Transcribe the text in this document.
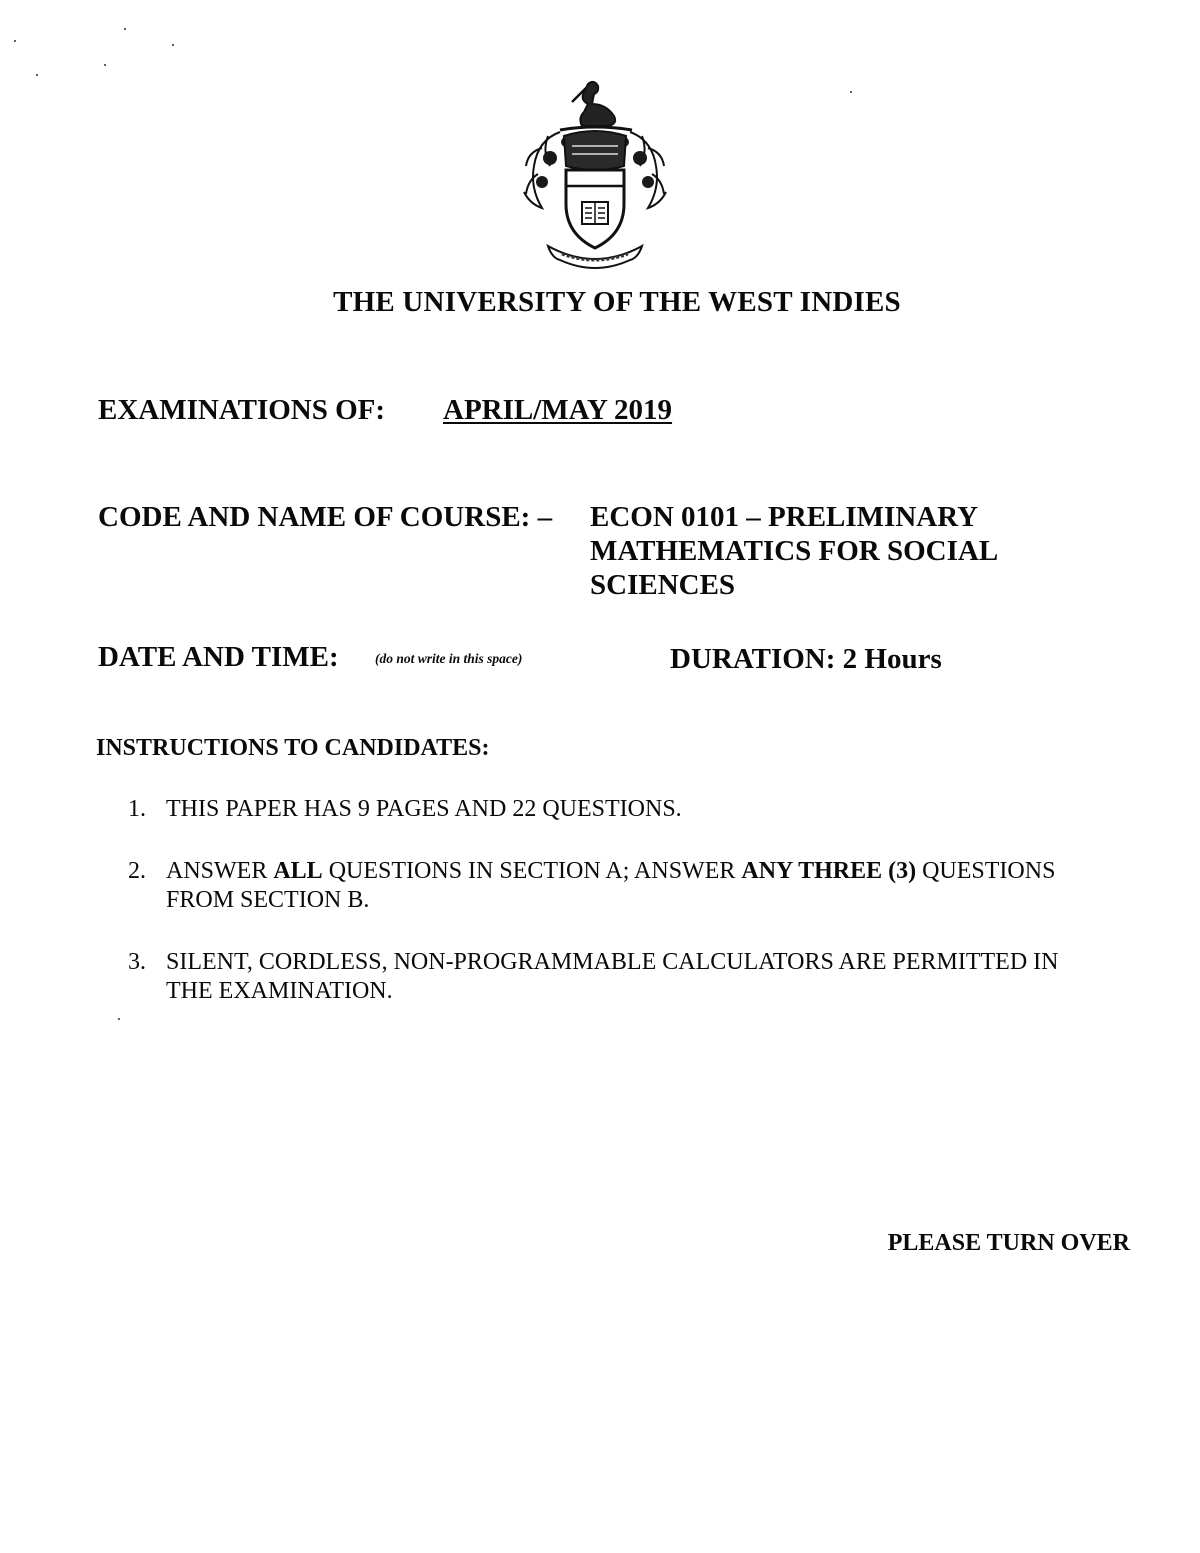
THE UNIVERSITY OF THE WEST INDIES
EXAMINATIONS OF: APRIL/MAY 2019
CODE AND NAME OF COURSE: – ECON 0101 – PRELIMINARY MATHEMATICS FOR SOCIAL SCIENCES
DATE AND TIME:	(do not write in this space)	DURATION: 2 Hours
INSTRUCTIONS TO CANDIDATES:
1. THIS PAPER HAS 9 PAGES AND 22 QUESTIONS.
2. ANSWER ALL QUESTIONS IN SECTION A; ANSWER ANY THREE (3) QUESTIONS FROM SECTION B.
3. SILENT, CORDLESS, NON-PROGRAMMABLE CALCULATORS ARE PERMITTED IN THE EXAMINATION.
PLEASE TURN OVER
